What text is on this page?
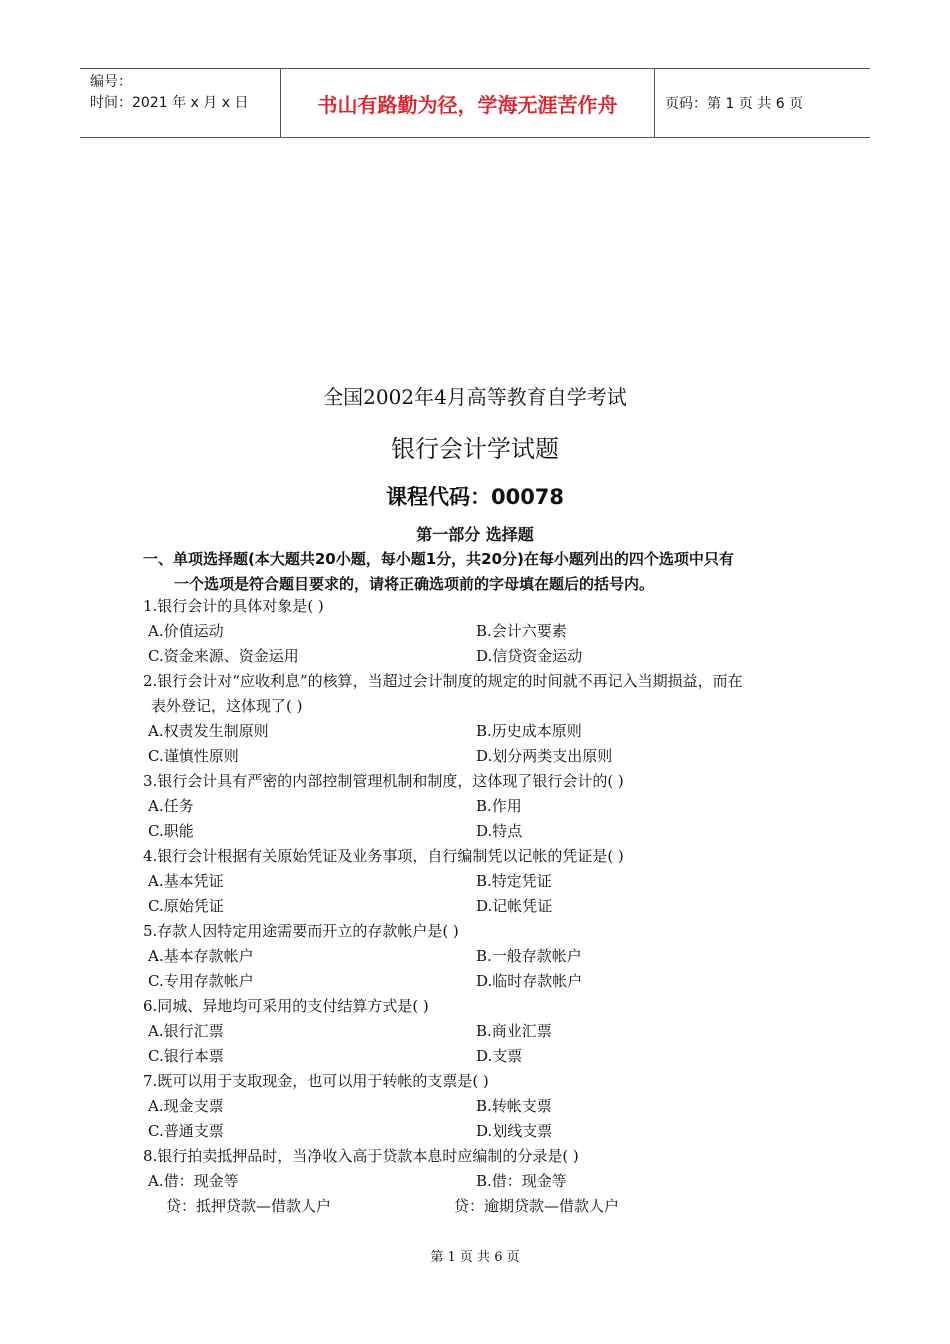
编号：
时间：2021 年 x 月 x 日	书山有路勤为径，学海无涯苦作舟	页码：第 1 页 共 6 页
全国2002年4月高等教育自学考试
银行会计学试题
课程代码：00078
第一部分 选择题
一、单项选择题(本大题共20小题，每小题1分，共20分)在每小题列出的四个选项中只有
一个选项是符合题目要求的，请将正确选项前的字母填在题后的括号内。
1.银行会计的具体对象是( )
A.价值运动	B.会计六要素
C.资金来源、资金运用	D.信贷资金运动
2.银行会计对“应收利息”的核算，当超过会计制度的规定的时间就不再记入当期损益，而在
表外登记，这体现了( )
A.权责发生制原则	B.历史成本原则
C.谨慎性原则	D.划分两类支出原则
3.银行会计具有严密的内部控制管理机制和制度，这体现了银行会计的( )
A.任务	B.作用
C.职能	D.特点
4.银行会计根据有关原始凭证及业务事项，自行编制凭以记帐的凭证是( )
A.基本凭证	B.特定凭证
C.原始凭证	D.记帐凭证
5.存款人因特定用途需要而开立的存款帐户是( )
A.基本存款帐户	B.一般存款帐户
C.专用存款帐户	D.临时存款帐户
6.同城、异地均可采用的支付结算方式是( )
A.银行汇票	B.商业汇票
C.银行本票	D.支票
7.既可以用于支取现金，也可以用于转帐的支票是( )
A.现金支票	B.转帐支票
C.普通支票	D.划线支票
8.银行拍卖抵押品时，当净收入高于贷款本息时应编制的分录是( )
A.借：现金等	B.借：现金等
贷：抵押贷款—借款人户	贷：逾期贷款—借款人户
第 1 页 共 6 页
